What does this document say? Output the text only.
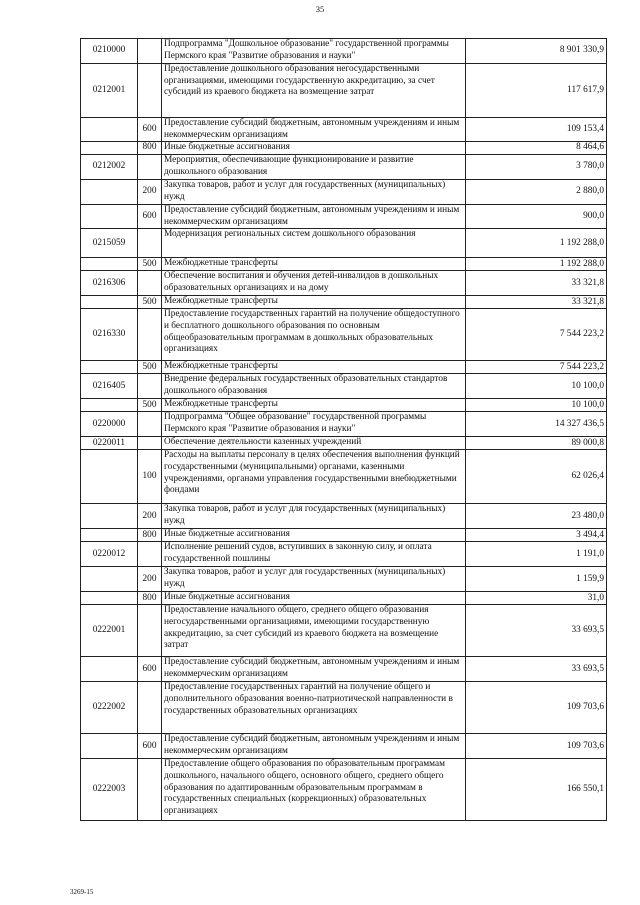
35
0210000		Подпрограмма "Дошкольное образование" государственной программы Пермского края "Развитие образования и науки"	8 901 330,9
0212001		Предоставление дошкольного образования негосударственными организациями, имеющими государственную аккредитацию, за счет субсидий из краевого бюджета на возмещение затрат	117 617,9
	600	Предоставление субсидий бюджетным, автономным учреждениям и иным некоммерческим организациям	109 153,4
	800	Иные бюджетные ассигнования	8 464,6
0212002		Мероприятия, обеспечивающие функционирование и развитие дошкольного образования	3 780,0
	200	Закупка товаров, работ и услуг для государственных (муниципальных) нужд	2 880,0
	600	Предоставление субсидий бюджетным, автономным учреждениям и иным некоммерческим организациям	900,0
0215059		Модернизация региональных систем дошкольного образования	1 192 288,0
	500	Межбюджетные трансферты	1 192 288,0
0216306		Обеспечение воспитания и обучения детей-инвалидов в дошкольных образовательных организациях и на дому	33 321,8
	500	Межбюджетные трансферты	33 321,8
0216330		Предоставление государственных гарантий на получение общедоступного и бесплатного дошкольного образования по основным общеобразовательным программам в дошкольных образовательных организациях	7 544 223,2
	500	Межбюджетные трансферты	7 544 223,2
0216405		Внедрение федеральных государственных образовательных стандартов дошкольного образования	10 100,0
	500	Межбюджетные трансферты	10 100,0
0220000		Подпрограмма "Общее образование" государственной программы Пермского края "Развитие образования и науки"	14 327 436,5
0220011		Обеспечение деятельности казенных учреждений	89 000,8
	100	Расходы на выплаты персоналу в целях обеспечения выполнения функций государственными (муниципальными) органами, казенными учреждениями, органами управления государственными внебюджетными фондами	62 026,4
	200	Закупка товаров, работ и услуг для государственных (муниципальных) нужд	23 480,0
	800	Иные бюджетные ассигнования	3 494,4
0220012		Исполнение решений судов, вступивших в законную силу, и оплата государственной пошлины	1 191,0
	200	Закупка товаров, работ и услуг для государственных (муниципальных) нужд	1 159,9
	800	Иные бюджетные ассигнования	31,0
0222001		Предоставление начального общего, среднего общего образования негосударственными организациями, имеющими государственную аккредитацию, за счет субсидий из краевого бюджета на возмещение затрат	33 693,5
	600	Предоставление субсидий бюджетным, автономным учреждениям и иным некоммерческим организациям	33 693,5
0222002		Предоставление государственных гарантий на получение общего и дополнительного образования военно-патриотической направленности в государственных образовательных организациях	109 703,6
	600	Предоставление субсидий бюджетным, автономным учреждениям и иным некоммерческим организациям	109 703,6
0222003		Предоставление общего образования по образовательным программам дошкольного, начального общего, основного общего, среднего общего образования по адаптированным образовательным программам в государственных специальных (коррекционных) образовательных организациях	166 550,1
3269-15
